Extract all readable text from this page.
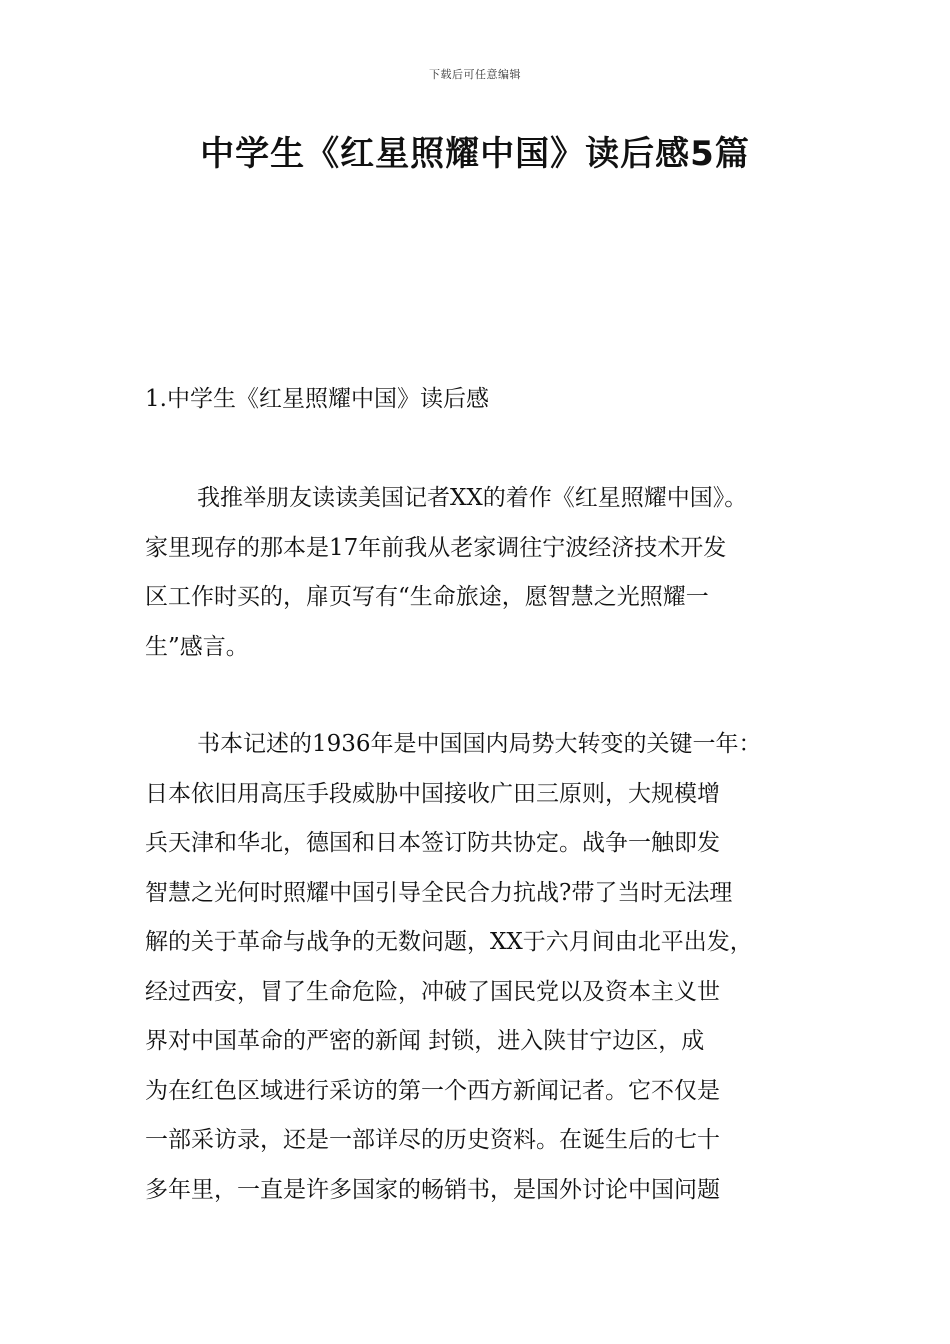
下载后可任意编辑
中学生《红星照耀中国》读后感5篇
1.中学生《红星照耀中国》读后感
我推举朋友读读美国记者XX的着作《红星照耀中国》。
家里现存的那本是17年前我从老家调往宁波经济技术开发
区工作时买的，扉页写有“生命旅途，愿智慧之光照耀一
生”感言。
书本记述的1936年是中国国内局势大转变的关键一年：
日本依旧用高压手段威胁中国接收广田三原则，大规模增
兵天津和华北，德国和日本签订防共协定。战争一触即发
智慧之光何时照耀中国引导全民合力抗战?带了当时无法理
解的关于革命与战争的无数问题，XX于六月间由北平出发，
经过西安，冒了生命危险，冲破了国民党以及资本主义世
界对中国革命的严密的新闻 封锁，进入陕甘宁边区，成
为在红色区域进行采访的第一个西方新闻记者。它不仅是
一部采访录，还是一部详尽的历史资料。在诞生后的七十
多年里，一直是许多国家的畅销书，是国外讨论中国问题
